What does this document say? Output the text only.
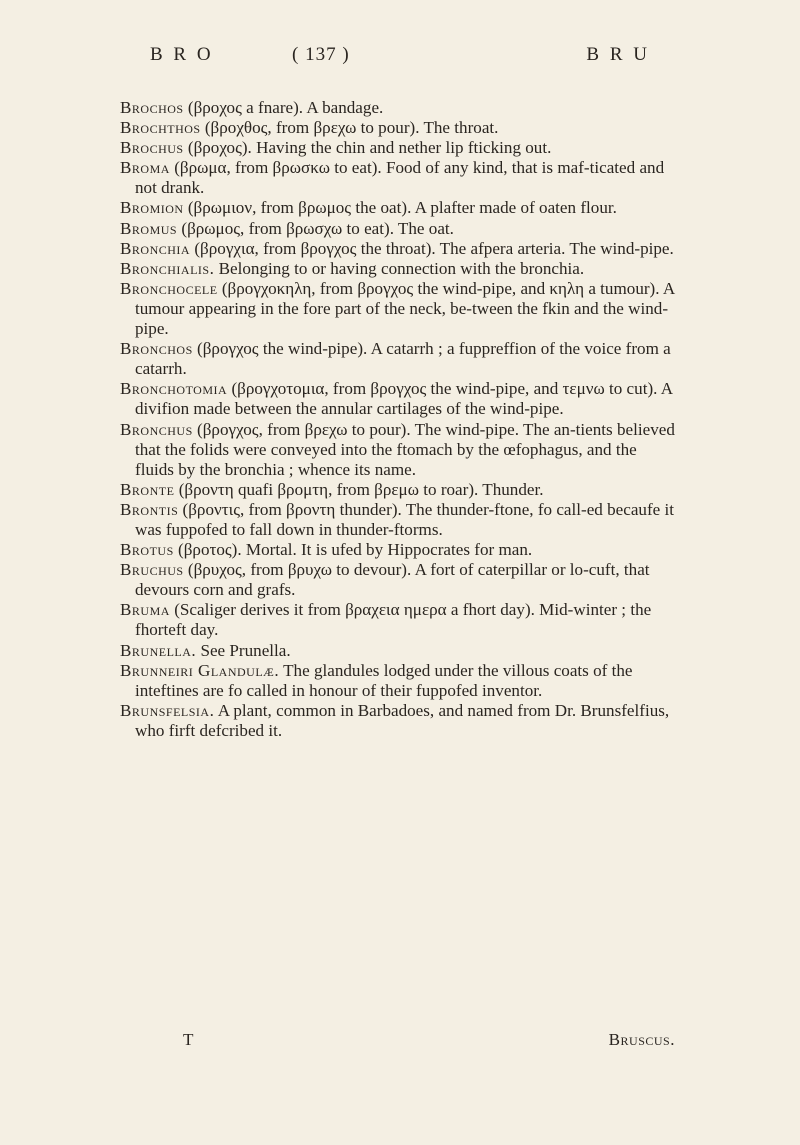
B R O	( 137 )	B R U

Brochos (βροχος a fnare). A bandage.

Brochthos (βροχθος, from βρεχω to pour). The throat.

Brochus (βροχος). Having the chin and nether lip fticking out.

Broma (βρωμα, from βρωσκω to eat). Food of any kind, that is maf-ticated and not drank.

Bromion (βρωμιον, from βρωμος the oat). A plafter made of oaten flour.

Bromus (βρωμος, from βρωσχω to eat). The oat.

Bronchia (βρογχια, from βρογχος the throat). The afpera arteria. The wind-pipe.

Bronchialis. Belonging to or having connection with the bronchia.

Bronchocele (βρογχοκηλη, from βρογχος the wind-pipe, and κηλη a tumour). A tumour appearing in the fore part of the neck, be-tween the fkin and the wind-pipe.

Bronchos (βρογχος the wind-pipe). A catarrh ; a fuppreffion of the voice from a catarrh.

Bronchotomia (βρογχοτομια, from βρογχος the wind-pipe, and τεμνω to cut). A divifion made between the annular cartilages of the wind-pipe.

Bronchus (βρογχος, from βρεχω to pour). The wind-pipe. The an-tients believed that the folids were conveyed into the ftomach by the œfophagus, and the fluids by the bronchia ; whence its name.

Bronte (βροντη quafi βρομτη, from βρεμω to roar). Thunder.

Brontis (βροντις, from βροντη thunder). The thunder-ftone, fo call-ed becaufe it was fuppofed to fall down in thunder-ftorms.

Brotus (βροτος). Mortal. It is ufed by Hippocrates for man.

Bruchus (βρυχος, from βρυχω to devour). A fort of caterpillar or lo-cuft, that devours corn and grafs.

Bruma (Scaliger derives it from βραχεια ημερα a fhort day). Mid-winter ; the fhorteft day.

Brunella. See Prunella.

Brunneiri Glandulæ. The glandules lodged under the villous coats of the inteftines are fo called in honour of their fuppofed inventor.

Brunsfelsia. A plant, common in Barbadoes, and named from Dr. Brunsfelfius, who firft defcribed it.

T	Bruscus.
